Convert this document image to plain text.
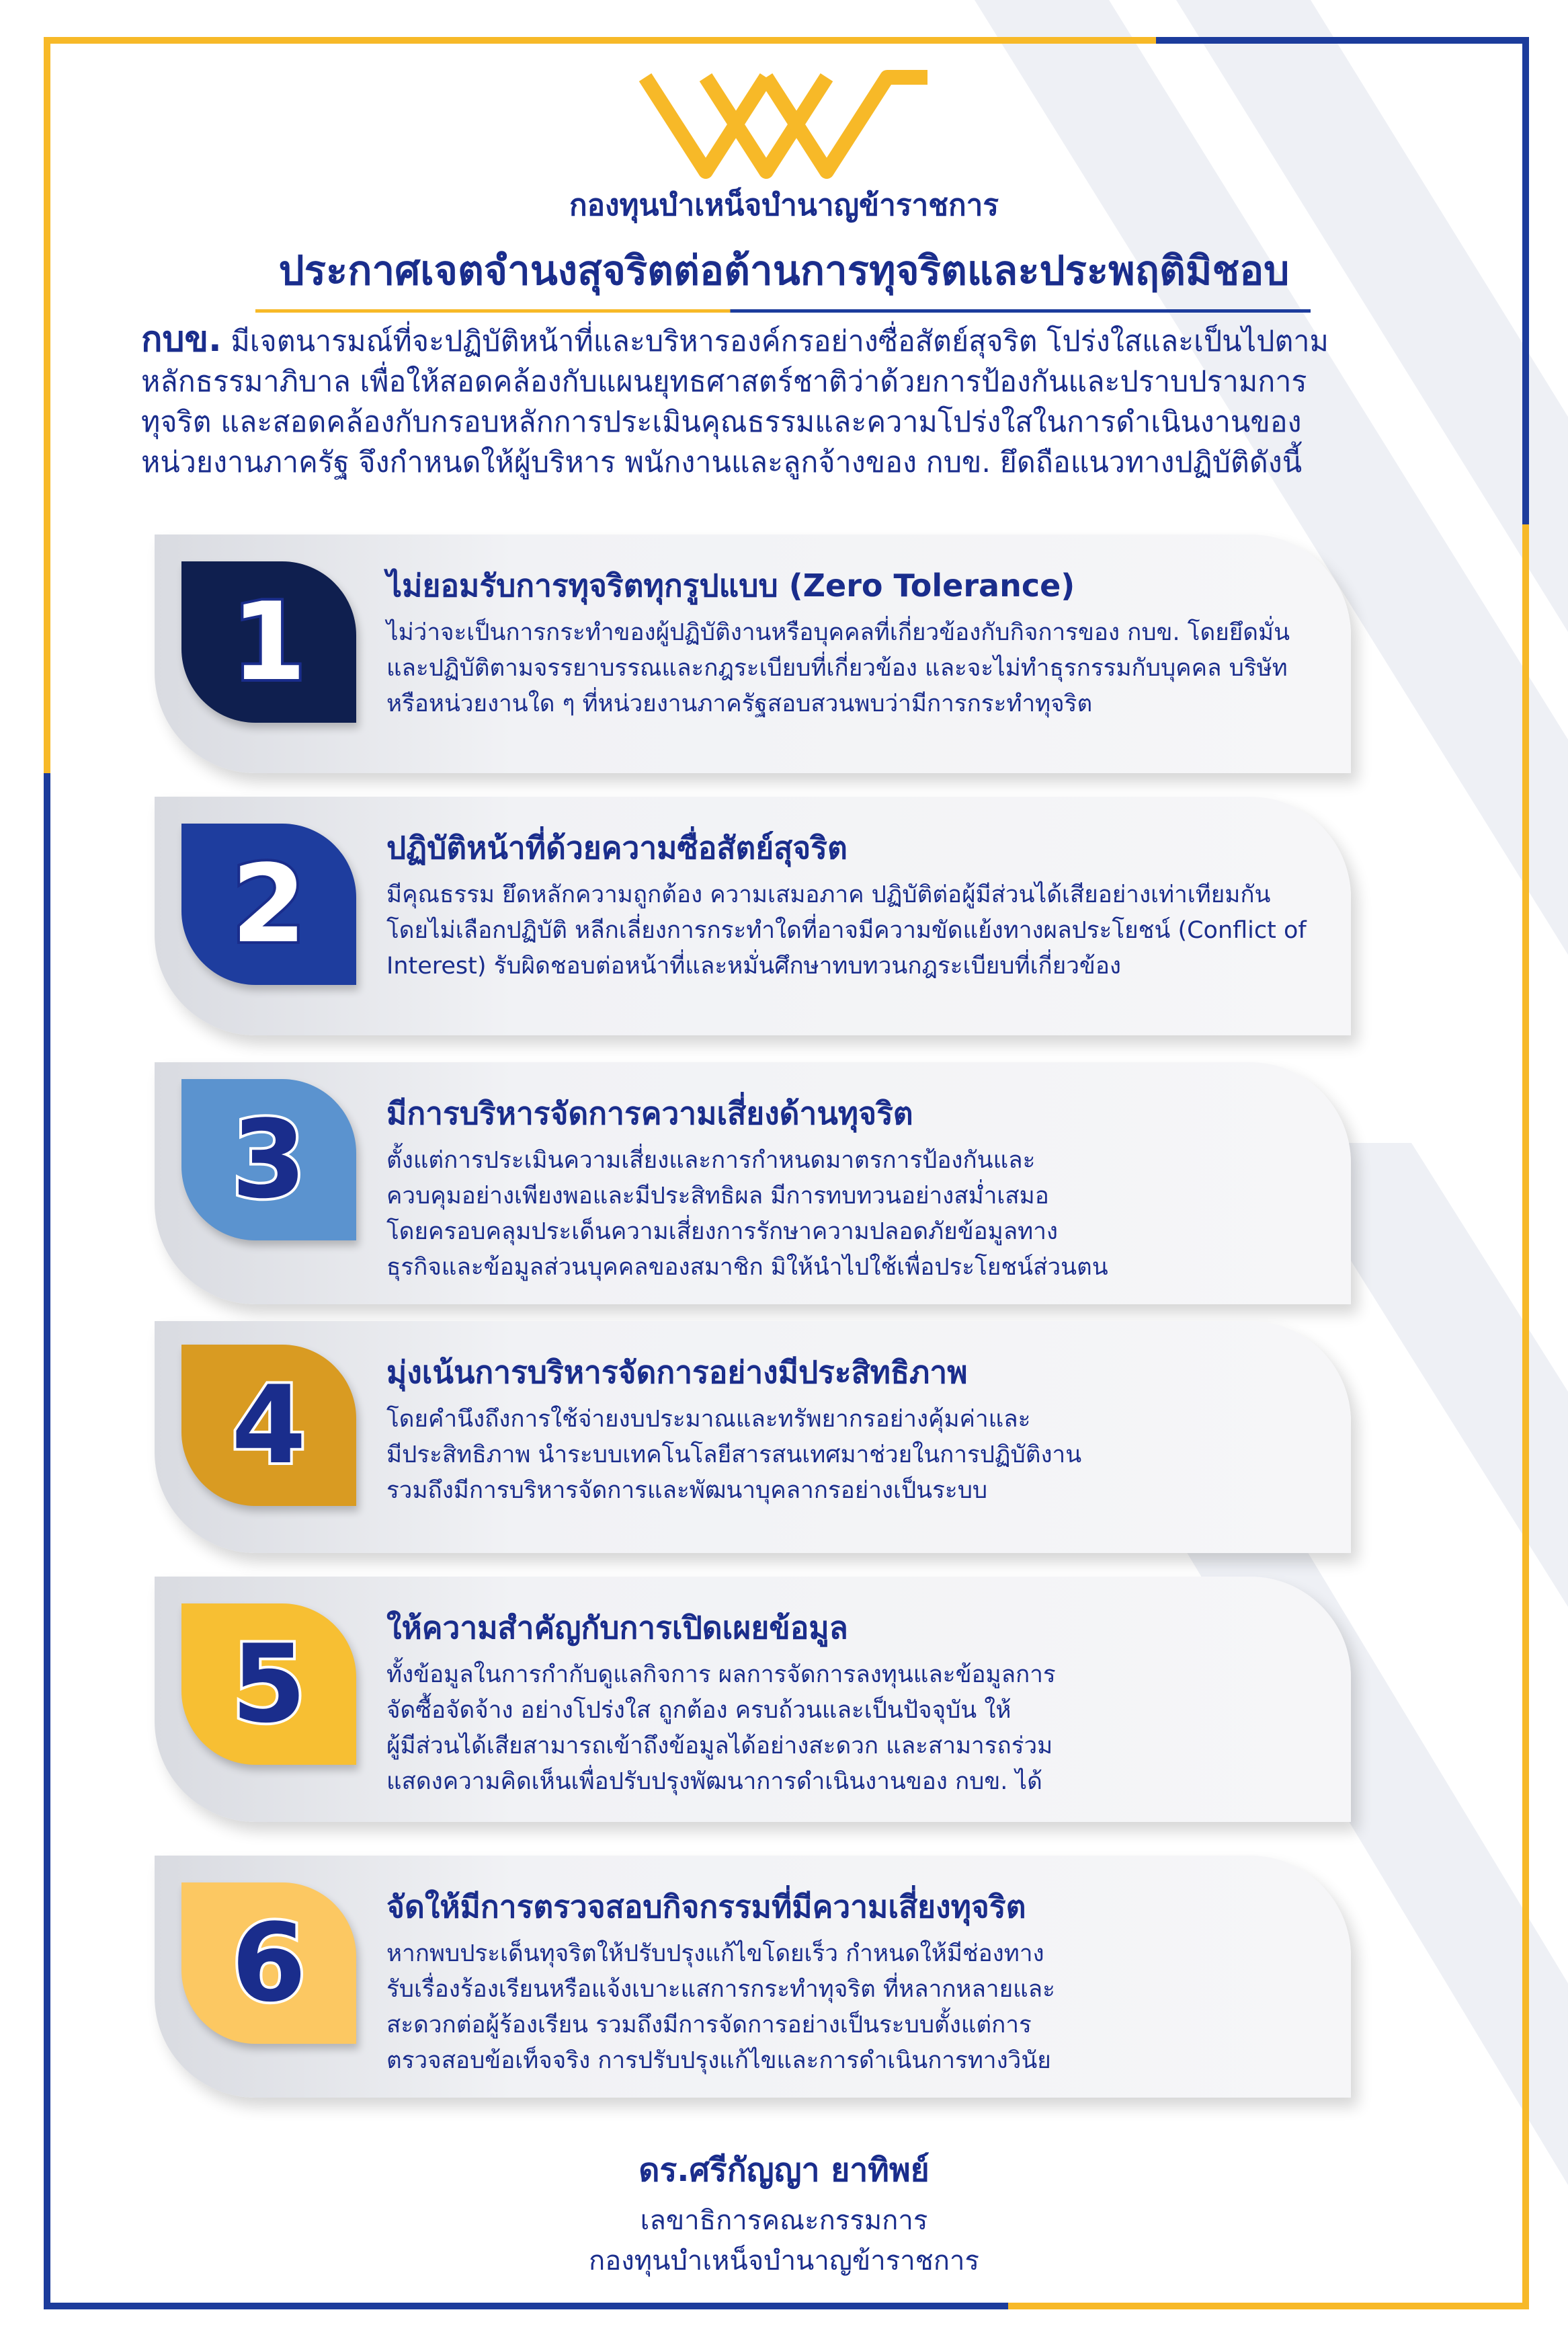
กองทุนบำเหน็จบำนาญข้าราชการ
ประกาศเจตจำนงสุจริตต่อต้านการทุจริตและประพฤติมิชอบ
กบข. มีเจตนารมณ์ที่จะปฏิบัติหน้าที่และบริหารองค์กรอย่างซื่อสัตย์สุจริต โปร่งใสและเป็นไปตาม
หลักธรรมาภิบาล เพื่อให้สอดคล้องกับแผนยุทธศาสตร์ชาติว่าด้วยการป้องกันและปราบปรามการ
ทุจริต และสอดคล้องกับกรอบหลักการประเมินคุณธรรมและความโปร่งใสในการดำเนินงานของ
หน่วยงานภาครัฐ จึงกำหนดให้ผู้บริหาร พนักงานและลูกจ้างของ กบข. ยึดถือแนวทางปฏิบัติดังนี้
1	ไม่ยอมรับการทุจริตทุกรูปแบบ (Zero Tolerance)
ไม่ว่าจะเป็นการกระทำของผู้ปฏิบัติงานหรือบุคคลที่เกี่ยวข้องกับกิจการของ กบข. โดยยึดมั่น
และปฏิบัติตามจรรยาบรรณและกฎระเบียบที่เกี่ยวข้อง และจะไม่ทำธุรกรรมกับบุคคล บริษัท
หรือหน่วยงานใด ๆ ที่หน่วยงานภาครัฐสอบสวนพบว่ามีการกระทำทุจริต
2	ปฏิบัติหน้าที่ด้วยความซื่อสัตย์สุจริต
มีคุณธรรม ยึดหลักความถูกต้อง ความเสมอภาค ปฏิบัติต่อผู้มีส่วนได้เสียอย่างเท่าเทียมกัน
โดยไม่เลือกปฏิบัติ หลีกเลี่ยงการกระทำใดที่อาจมีความขัดแย้งทางผลประโยชน์ (Conflict of
Interest) รับผิดชอบต่อหน้าที่และหมั่นศึกษาทบทวนกฎระเบียบที่เกี่ยวข้อง
3	มีการบริหารจัดการความเสี่ยงด้านทุจริต
ตั้งแต่การประเมินความเสี่ยงและการกำหนดมาตรการป้องกันและ
ควบคุมอย่างเพียงพอและมีประสิทธิผล มีการทบทวนอย่างสม่ำเสมอ
โดยครอบคลุมประเด็นความเสี่ยงการรักษาความปลอดภัยข้อมูลทาง
ธุรกิจและข้อมูลส่วนบุคคลของสมาชิก มิให้นำไปใช้เพื่อประโยชน์ส่วนตน
4	มุ่งเน้นการบริหารจัดการอย่างมีประสิทธิภาพ
โดยคำนึงถึงการใช้จ่ายงบประมาณและทรัพยากรอย่างคุ้มค่าและ
มีประสิทธิภาพ นำระบบเทคโนโลยีสารสนเทศมาช่วยในการปฏิบัติงาน
รวมถึงมีการบริหารจัดการและพัฒนาบุคลากรอย่างเป็นระบบ
5	ให้ความสำคัญกับการเปิดเผยข้อมูล
ทั้งข้อมูลในการกำกับดูแลกิจการ ผลการจัดการลงทุนและข้อมูลการ
จัดซื้อจัดจ้าง อย่างโปร่งใส ถูกต้อง ครบถ้วนและเป็นปัจจุบัน ให้
ผู้มีส่วนได้เสียสามารถเข้าถึงข้อมูลได้อย่างสะดวก และสามารถร่วม
แสดงความคิดเห็นเพื่อปรับปรุงพัฒนาการดำเนินงานของ กบข. ได้
6	จัดให้มีการตรวจสอบกิจกรรมที่มีความเสี่ยงทุจริต
หากพบประเด็นทุจริตให้ปรับปรุงแก้ไขโดยเร็ว กำหนดให้มีช่องทาง
รับเรื่องร้องเรียนหรือแจ้งเบาะแสการกระทำทุจริต ที่หลากหลายและ
สะดวกต่อผู้ร้องเรียน รวมถึงมีการจัดการอย่างเป็นระบบตั้งแต่การ
ตรวจสอบข้อเท็จจริง การปรับปรุงแก้ไขและการดำเนินการทางวินัย
ดร.ศรีกัญญา ยาทิพย์
เลขาธิการคณะกรรมการ
กองทุนบำเหน็จบำนาญข้าราชการ
